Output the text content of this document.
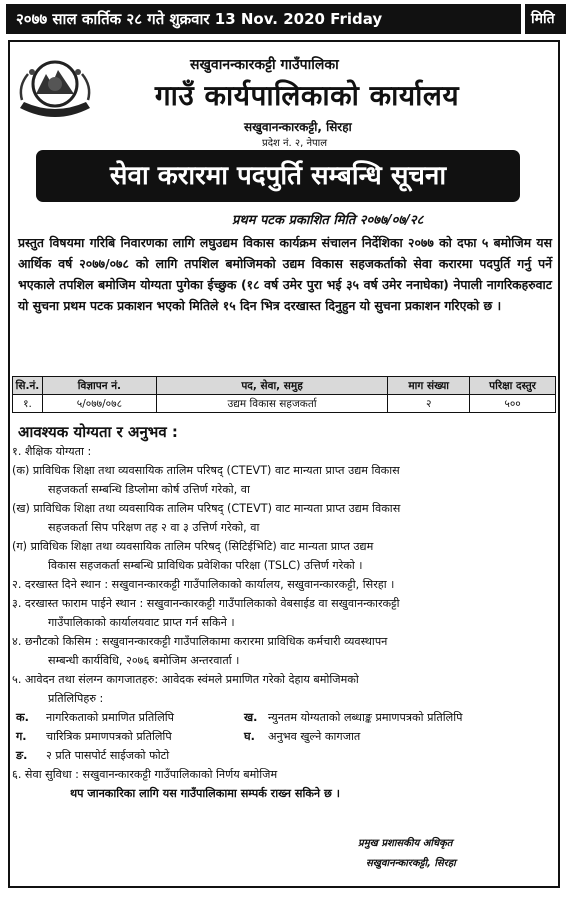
२०७७ साल कार्तिक २८ गते शुक्रवार 13 Nov. 2020 Friday	मिति
सखुवानन्कारकट्टी गाउँपालिका
गाउँ कार्यपालिकाको कार्यालय
सखुवानन्कारकट्टी, सिरहा
प्रदेश नं. २, नेपाल
सेवा करारमा पदपुर्ति सम्बन्धि सूचना
प्रथम पटक प्रकाशित मिति २०७७/०७/२८
प्रस्तुत विषयमा गरिबि निवारणका लागि लघुउद्यम विकास कार्यक्रम संचालन निर्देशिका २०७७ को दफा ५ बमोजिम यस आर्थिक वर्ष २०७७/०७८ को लागि तपशिल बमोजिमको उद्यम विकास सहजकर्ताको सेवा करारमा पदपुर्ति गर्नु पर्ने भएकाले तपशिल बमोजिम योग्यता पुगेका ईच्छुक (१८ वर्ष उमेर पुरा भई ३५ वर्ष उमेर ननाघेका) नेपाली नागरिकहरुवाट यो सुचना प्रथम पटक प्रकाशन भएको मितिले १५ दिन भित्र दरखास्त दिनुहुन यो सुचना प्रकाशन गरिएको छ ।
सि.नं.	विज्ञापन नं.	पद, सेवा, समुह	माग संख्या	परिक्षा दस्तुर
१.	५/०७७/०७८	उद्यम विकास सहजकर्ता	२	५००
आवश्यक योग्यता र अनुभव :
१. शैक्षिक योग्यता :
(क) प्राविधिक शिक्षा तथा व्यवसायिक तालिम परिषद् (CTEVT) वाट मान्यता प्राप्त उद्यम विकास
सहजकर्ता सम्बन्धि डिप्लोमा कोर्ष उत्तिर्ण गरेको, वा
(ख) प्राविधिक शिक्षा तथा व्यवसायिक तालिम परिषद् (CTEVT) वाट मान्यता प्राप्त उद्यम विकास
सहजकर्ता सिप परिक्षण तह २ वा ३ उत्तिर्ण गरेको, वा
(ग) प्राविधिक शिक्षा तथा व्यवसायिक तालिम परिषद् (सिटिईभिटि) वाट मान्यता प्राप्त उद्यम
विकास सहजकर्ता सम्बन्धि प्राविधिक प्रवेशिका परिक्षा (TSLC) उत्तिर्ण गरेको ।
२. दरखास्त दिने स्थान : सखुवानन्कारकट्टी गाउँपालिकाको कार्यालय, सखुवानन्कारकट्टी, सिरहा ।
३. दरखास्त फाराम पाईने स्थान : सखुवानन्कारकट्टी गाउँपालिकाको वेबसाईड वा सखुवानन्कारकट्टी
गाउँपालिकाको कार्यालयवाट प्राप्त गर्न सकिने ।
४. छनौटको किसिम : सखुवानन्कारकट्टी गाउँपालिकामा करारमा प्राविधिक कर्मचारी व्यवस्थापन
सम्बन्धी कार्यविधि, २०७६ बमोजिम अन्तरवार्ता ।
५. आवेदन तथा संलग्न कागजातहरु: आवेदक स्वंमले प्रमाणित गरेको देहाय बमोजिमको
प्रतिलिपिहरु :
क. नागरिकताको प्रमाणित प्रतिलिपि	ख. न्युनतम योग्यताको लब्धाङ्क प्रमाणपत्रको प्रतिलिपि
ग. चारित्रिक प्रमाणपत्रको प्रतिलिपि	घ. अनुभव खुल्ने कागजात
ङ. २ प्रति पासपोर्ट साईजको फोटो
६. सेवा सुविधा : सखुवानन्कारकट्टी गाउँपालिकाको निर्णय बमोजिम
थप जानकारिका लागि यस गाउँपालिकामा सम्पर्क राख्न सकिने छ ।
प्रमुख प्रशासकीय अधिकृत
सखुवानन्कारकट्टी, सिरहा
